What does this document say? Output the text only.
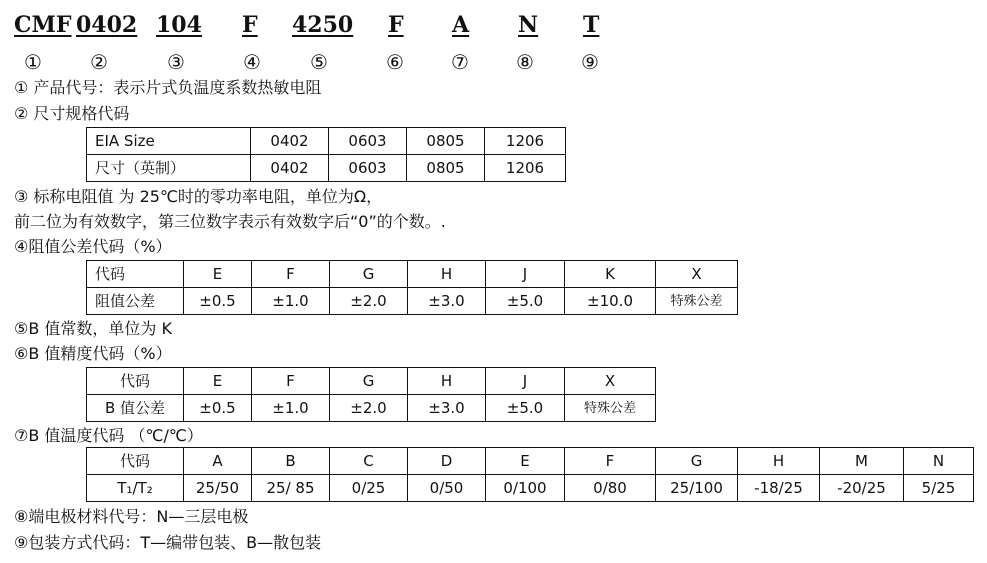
CMF 0402 104 F 4250 F A N T
① ②	③	④ ⑤	⑥ ⑦ ⑧ ⑨
① 产品代号：表示片式负温度系数热敏电阻
② 尺寸规格代码
EIA Size	0402	0603	0805	1206
尺寸（英制）	0402	0603	0805	1206
③ 标称电阻值 为 25℃时的零功率电阻，单位为Ω，
前二位为有效数字，第三位数字表示有效数字后“0”的个数。.
④阻值公差代码（%）
代码	E	F	G	H	J	K	X
阻值公差	±0.5	±1.0	±2.0	±3.0	±5.0	±10.0	特殊公差
⑤B 值常数，单位为 K
⑥B 值精度代码（%）
代码	E	F	G	H	J	X
B 值公差	±0.5	±1.0	±2.0	±3.0	±5.0	特殊公差
⑦B 值温度代码 （℃/℃）
代码	A	B	C	D	E	F	G	H	M	N
T₁/T₂	25/50	25/ 85	0/25	0/50	0/100	0/80	25/100	-18/25	-20/25	5/25
⑧端电极材料代号：N—三层电极
⑨包装方式代码：T—编带包装、B—散包装
